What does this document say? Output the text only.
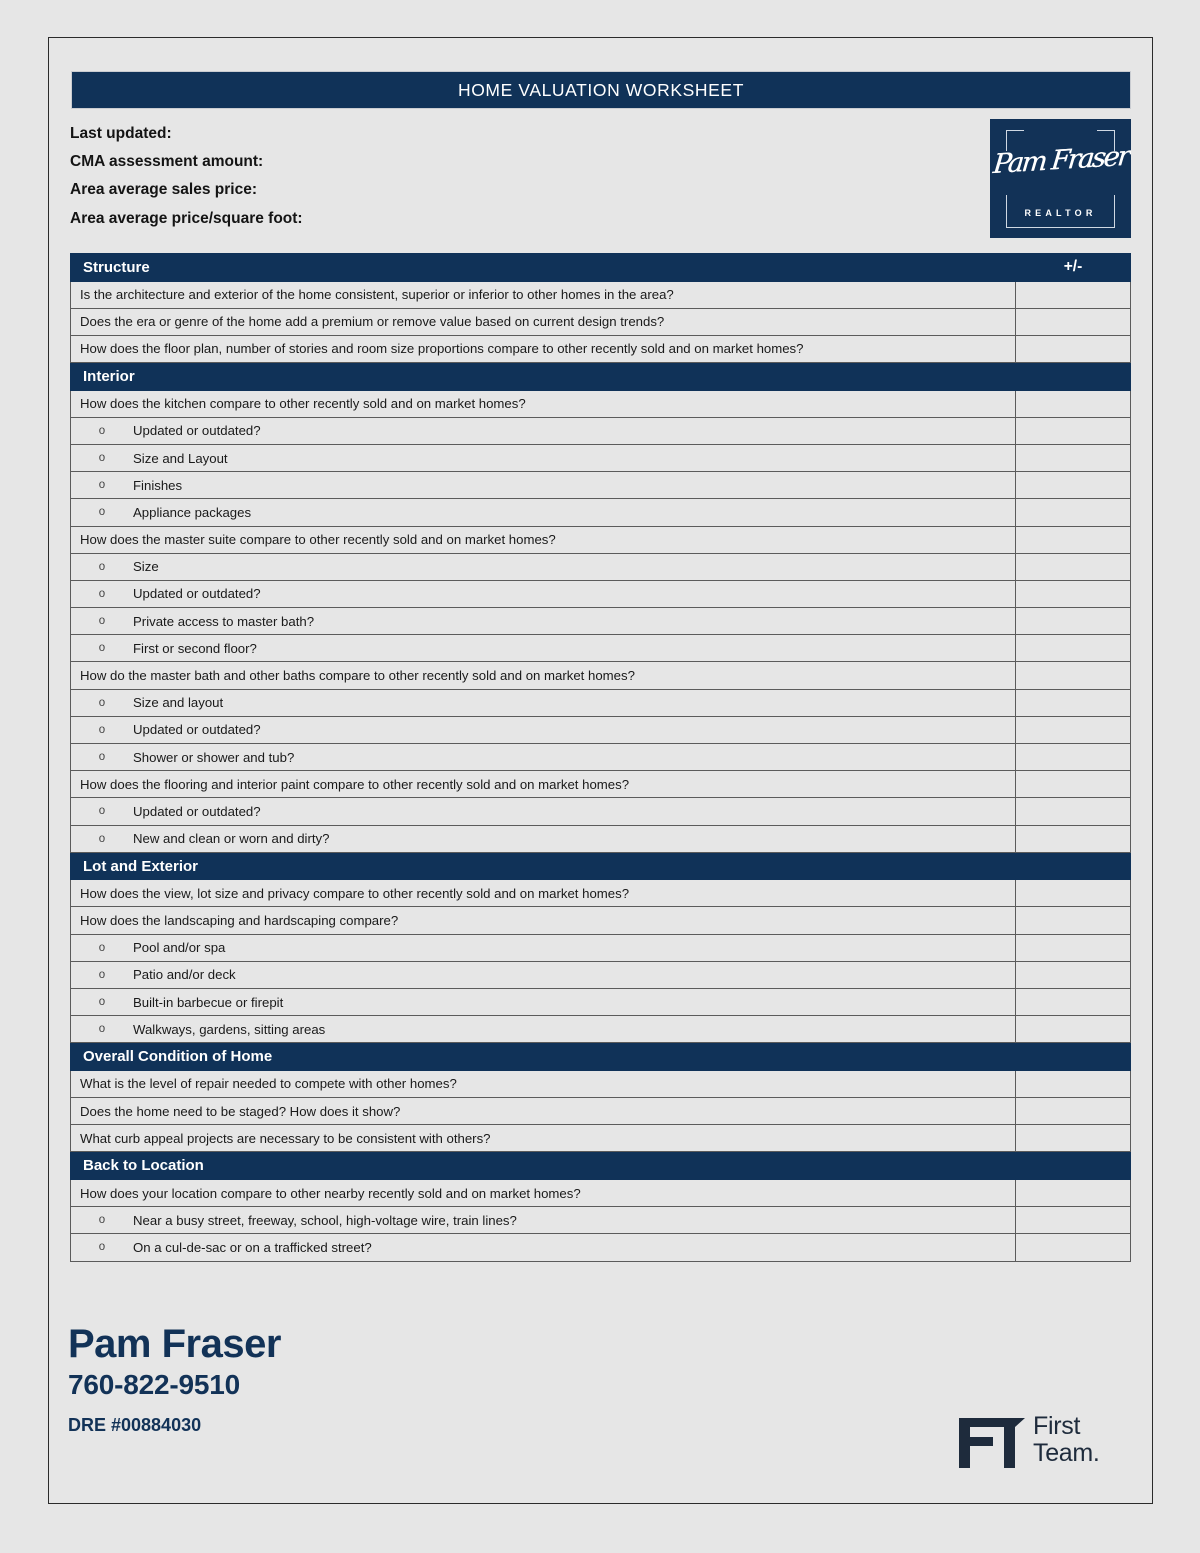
HOME VALUATION WORKSHEET
Last updated:
CMA assessment amount:
Area average sales price:
Area average price/square foot:
Pam Fraser
REALTOR
Structure	+/-
Is the architecture and exterior of the home consistent, superior or inferior to other homes in the area?	
Does the era or genre of the home add a premium or remove value based on current design trends?	
How does the floor plan, number of stories and room size proportions compare to other recently sold and on market homes?	
Interior	
How does the kitchen compare to other recently sold and on market homes?	

o Updated or outdated?	

o Size and Layout	

o Finishes	

o Appliance packages	

How does the master suite compare to other recently sold and on market homes?	

o Size	

o Updated or outdated?	

o Private access to master bath?	

o First or second floor?	

How do the master bath and other baths compare to other recently sold and on market homes?	

o Size and layout	

o Updated or outdated?	

o Shower or shower and tub?	

How does the flooring and interior paint compare to other recently sold and on market homes?	

o Updated or outdated?	

o New and clean or worn and dirty?	

Lot and Exterior	
How does the view, lot size and privacy compare to other recently sold and on market homes?	
How does the landscaping and hardscaping compare?	

o Pool and/or spa	

o Patio and/or deck	

o Built-in barbecue or firepit	

o Walkways, gardens, sitting areas	

Overall Condition of Home	
What is the level of repair needed to compete with other homes?	
Does the home need to be staged? How does it show?	
What curb appeal projects are necessary to be consistent with others?	
Back to Location	
How does your location compare to other nearby recently sold and on market homes?	

o Near a busy street, freeway, school, high-voltage wire, train lines?	

o On a cul-de-sac or on a trafficked street?	

Pam Fraser
760-822-9510
DRE #00884030	First
Team.
